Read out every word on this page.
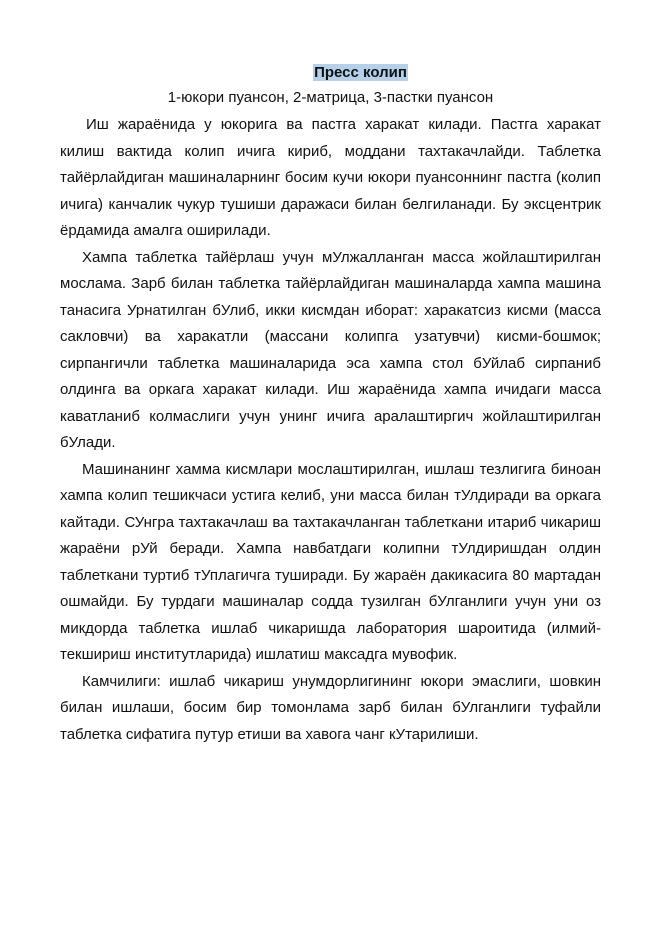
Пресс колип
1-юкори пуансон, 2-матрица, 3-пастки пуансон

Иш жараёнида у юкорига ва пастга харакат килади. Пастга харакат килиш вактида колип ичига кириб, моддани тахтакачлайди. Таблетка тайёрлайдиган машиналарнинг босим кучи юкори пуансоннинг пастга (колип ичига) канчалик чукур тушиши даражаси билан белгиланади. Бу эксцентрик ёрдамида амалга оширилади.

Хампа таблетка тайёрлаш учун мУлжалланган масса жойлаштирилган мослама. Зарб билан таблетка тайёрлайдиган машиналарда хампа машина танасига Урнатилган бУлиб, икки кисмдан иборат: харакатсиз кисми (масса сакловчи) ва харакатли (массани колипга узатувчи) кисми-бошмок; сирпангичли таблетка машиналарида эса хампа стол бУйлаб сирпаниб олдинга ва оркага харакат килади. Иш жараёнида хампа ичидаги масса каватланиб колмаслиги учун унинг ичига аралаштиргич жойлаштирилган бУлади.

Машинанинг хамма кисмлари мослаштирилган, ишлаш тезлигига биноан хампа колип тешикчаси устига келиб, уни масса билан тУлдиради ва оркага кайтади. СУнгра тахтакачлаш ва тахтакачланган таблеткани итариб чикариш жараёни рУй беради. Хампа навбатдаги колипни тУлдиришдан олдин таблеткани туртиб тУплагичга туширади. Бу жараён дакикасига 80 мартадан ошмайди. Бу турдаги машиналар содда тузилган бУлганлиги учун уни оз микдорда таблетка ишлаб чикаришда лаборатория шароитида (илмий-текшириш институтларида) ишлатиш максадга мувофик.

Камчилиги: ишлаб чикариш унумдорлигининг юкори эмаслиги, шовкин билан ишлаши, босим бир томонлама зарб билан бУлганлиги туфайли таблетка сифатига путур етиши ва хавога чанг кУтарилиши.
